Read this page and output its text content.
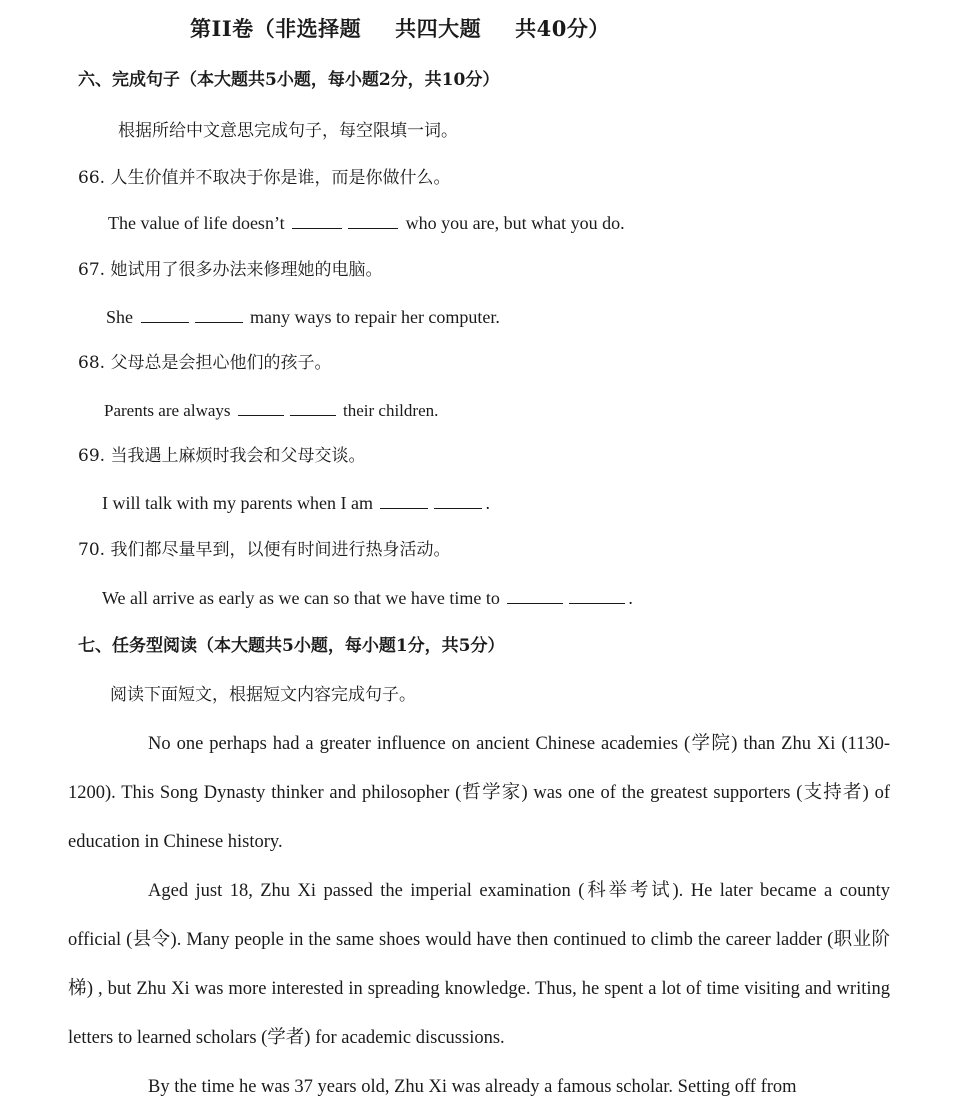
第II卷（非选择题 共四大题 共40分）
六、完成句子（本大题共5小题，每小题2分，共10分）
根据所给中文意思完成句子，每空限填一词。
66. 人生价值并不取决于你是谁，而是你做什么。
The value of life doesn’t	who you are, but what you do.
67. 她试用了很多办法来修理她的电脑。
She	many ways to repair her computer.
68. 父母总是会担心他们的孩子。
Parents are always	their children.
69. 当我遇上麻烦时我会和父母交谈。
I will talk with my parents when I am	.
70. 我们都尽量早到，以便有时间进行热身活动。
We all arrive as early as we can so that we have time to	.
七、任务型阅读（本大题共5小题，每小题1分，共5分）
阅读下面短文，根据短文内容完成句子。

No one perhaps had a greater influence on ancient Chinese academies (学院) than Zhu Xi (1130-1200). This Song Dynasty thinker and philosopher (哲学家) was one of the greatest supporters (支持者) of education in Chinese history.

Aged just 18, Zhu Xi passed the imperial examination (科举考试). He later became a county official (县令). Many people in the same shoes would have then continued to climb the career ladder (职业阶梯) , but Zhu Xi was more interested in spreading knowledge. Thus, he spent a lot of time visiting and writing letters to learned scholars (学者) for academic discussions.

By the time he was 37 years old, Zhu Xi was already a famous scholar. Setting off from
